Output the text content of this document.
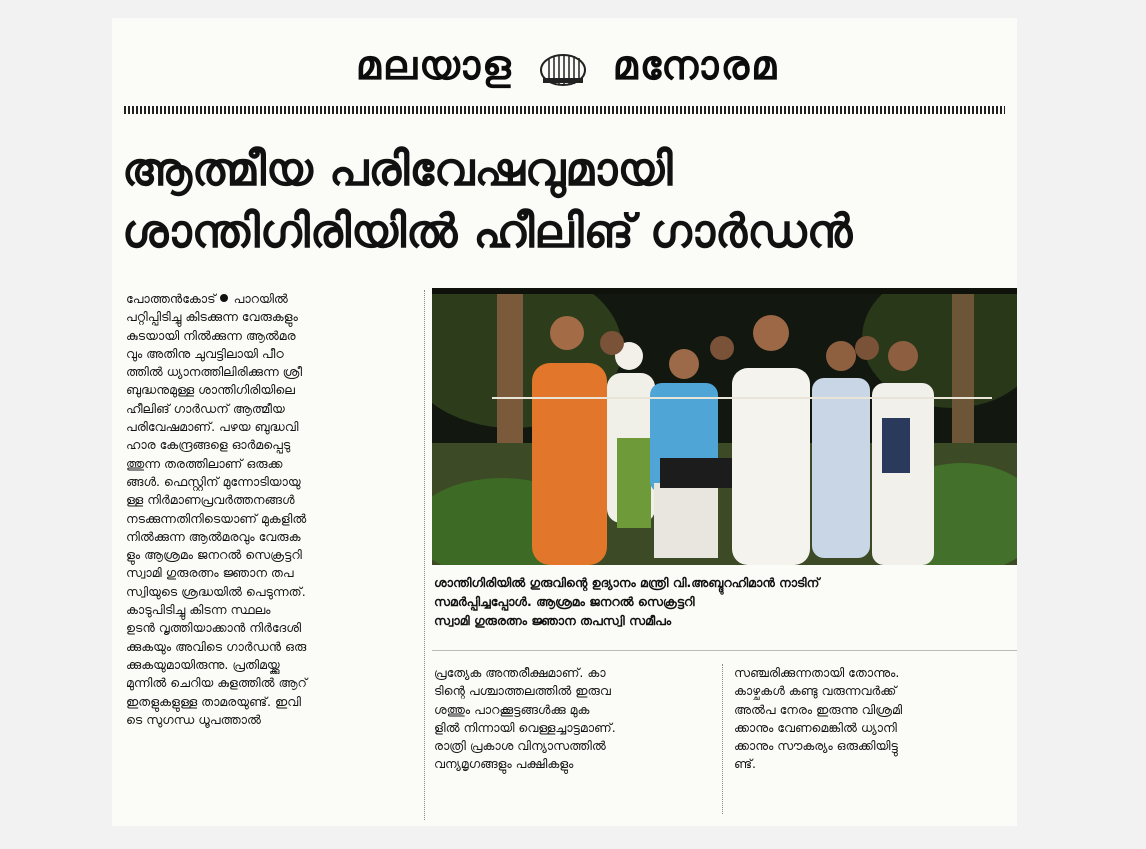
മലയാള മനോരമ
ആത്മീയ പരിവേഷവുമായി
ശാന്തിഗിരിയിൽ ഹീലിങ് ഗാർഡൻ
പോത്തൻകോട് പാറയിൽ
പറ്റിപ്പിടിച്ചു കിടക്കുന്ന വേരുകളും
കുടയായി നിൽക്കുന്ന ആൽമര
വും അതിനു ചുവട്ടിലായി പീഠ
ത്തിൽ ധ്യാനത്തിലിരിക്കുന്ന ശ്രീ
ബുദ്ധനുമുള്ള ശാന്തിഗിരിയിലെ
ഹീലിങ് ഗാർഡന് ആത്മീയ
പരിവേഷമാണ്. പഴയ ബുദ്ധവി
ഹാര കേന്ദ്രങ്ങളെ ഓർമപ്പെടു
ത്തുന്ന തരത്തിലാണ് ഒരുക്ക
ങ്ങൾ. ഫെസ്റ്റിന് മുന്നോടിയായു
ള്ള നിർമാണപ്രവർത്തനങ്ങൾ
നടക്കുന്നതിനിടെയാണ് മുകളിൽ
നിൽക്കുന്ന ആൽമരവും വേരുക
ളും ആശ്രമം ജനറൽ സെക്രട്ടറി
സ്വാമി ഗുരുരത്നം ജ്ഞാന തപ
സ്വിയുടെ ശ്രദ്ധയിൽ പെടുന്നത്.
കാടുപിടിച്ചു കിടന്ന സ്ഥലം
ഉടൻ വൃത്തിയാക്കാൻ നിർദേശി
ക്കുകയും അവിടെ ഗാർഡൻ ഒരു
ക്കുകയുമായിരുന്നു. പ്രതിമയ്ക്കു
മുന്നിൽ ചെറിയ കുളത്തിൽ ആറ്
ഇതളുകളുള്ള താമരയുണ്ട്. ഇവി
ടെ സുഗന്ധ ധൂപത്താൽ
ശാന്തിഗിരിയിൽ ഗുരുവിന്റെ ഉദ്യാനം മന്ത്രി വി.അബ്ദുറഹിമാൻ നാടിന്
സമർപ്പിച്ചപ്പോൾ. ആശ്രമം ജനറൽ സെക്രട്ടറി
സ്വാമി ഗുരുരത്നം ജ്ഞാന തപസ്വി സമീപം
പ്രത്യേക അന്തരീക്ഷമാണ്. കാ
ടിന്റെ പശ്ചാത്തലത്തിൽ ഇരുവ
ശത്തും പാറക്കൂട്ടങ്ങൾക്കു മുക
ളിൽ നിന്നായി വെള്ളച്ചാട്ടമാണ്.
രാത്രി പ്രകാശ വിന്യാസത്തിൽ
വന്യമൃഗങ്ങളും പക്ഷികളും
സഞ്ചരിക്കുന്നതായി തോന്നും.
കാഴ്ചകൾ കണ്ടു വരുന്നവർക്ക്
അൽപ നേരം ഇരുന്നു വിശ്രമി
ക്കാനും വേണമെങ്കിൽ ധ്യാനി
ക്കാനും സൗകര്യം ഒരുക്കിയിട്ടു
ണ്ട്.
